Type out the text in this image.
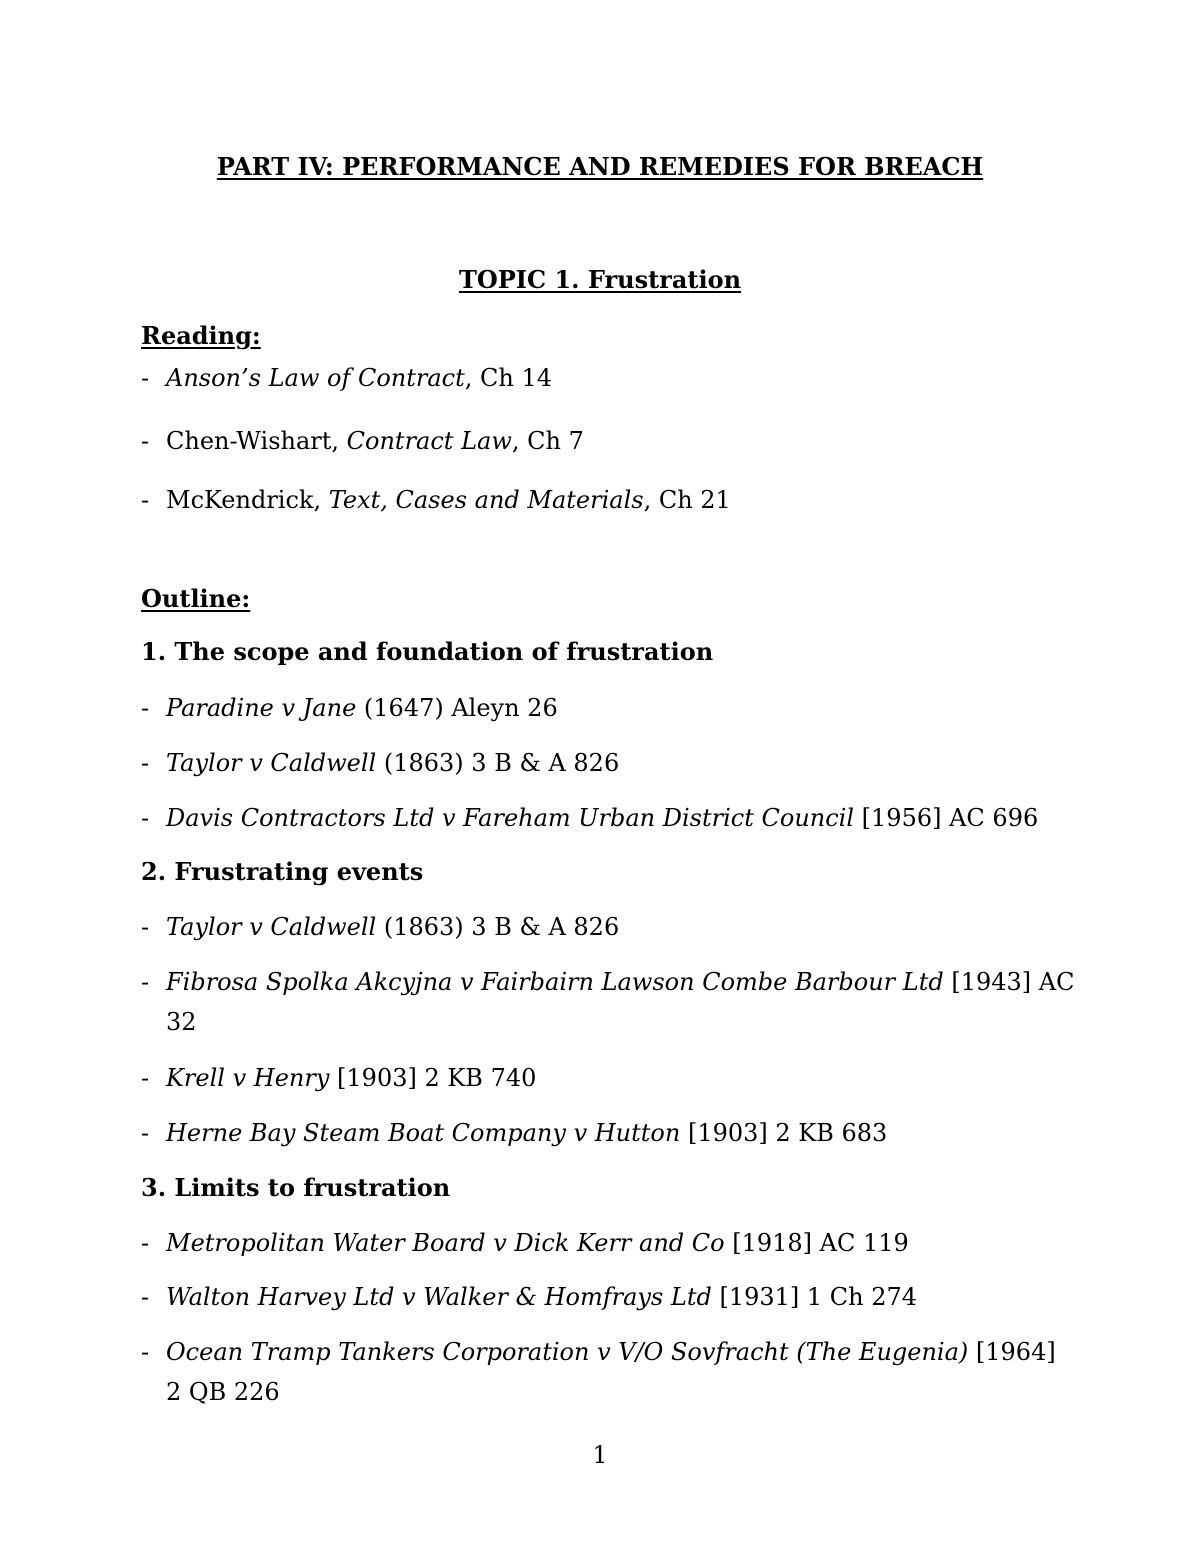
PART IV: PERFORMANCE AND REMEDIES FOR BREACH
TOPIC 1. Frustration
Reading:
- Anson’s Law of Contract, Ch 14
- Chen-Wishart, Contract Law, Ch 7
- McKendrick, Text, Cases and Materials, Ch 21
Outline:
1. The scope and foundation of frustration
- Paradine v Jane (1647) Aleyn 26
- Taylor v Caldwell (1863) 3 B & A 826
- Davis Contractors Ltd v Fareham Urban District Council [1956] AC 696
2. Frustrating events
- Taylor v Caldwell (1863) 3 B & A 826
- Fibrosa Spolka Akcyjna v Fairbairn Lawson Combe Barbour Ltd [1943] AC
32
- Krell v Henry [1903] 2 KB 740
- Herne Bay Steam Boat Company v Hutton [1903] 2 KB 683
3. Limits to frustration
- Metropolitan Water Board v Dick Kerr and Co [1918] AC 119
- Walton Harvey Ltd v Walker & Homfrays Ltd [1931] 1 Ch 274
- Ocean Tramp Tankers Corporation v V/O Sovfracht (The Eugenia) [1964]
2 QB 226
1
